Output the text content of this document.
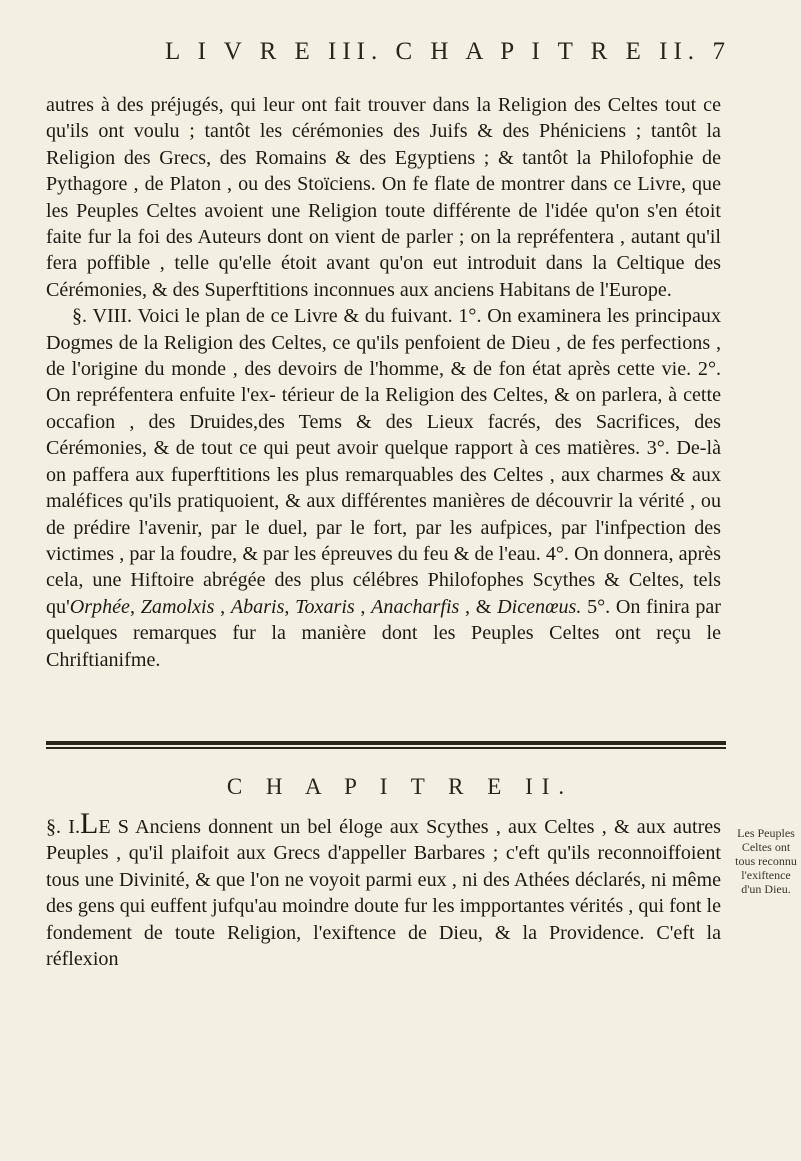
L I V R E III. C H A P I T R E II. 7

autres à des préjugés, qui leur ont fait trouver dans la Religion des Celtes tout ce qu'ils ont voulu ; tantôt les cérémonies des Juifs & des Phéniciens ; tantôt la Religion des Grecs, des Romains & des Egyptiens ; & tantôt la Philofophie de Pythagore , de Platon , ou des Stoïciens. On fe flate de montrer dans ce Livre, que les Peuples Celtes avoient une Religion toute différente de l'idée qu'on s'en étoit faite fur la foi des Auteurs dont on vient de parler ; on la repréfentera , autant qu'il fera poffible , telle qu'elle étoit avant qu'on eut introduit dans la Celtique des Cérémonies, & des Superftitions inconnues aux anciens Habitans de l'Europe.

§. VIII. Voici le plan de ce Livre & du fuivant. 1°. On examinera les principaux Dogmes de la Religion des Celtes, ce qu'ils penfoient de Dieu , de fes perfections , de l'origine du monde , des devoirs de l'homme, & de fon état après cette vie. 2°. On repréfentera enfuite l'ex- térieur de la Religion des Celtes, & on parlera, à cette occafion , des Druides,des Tems & des Lieux facrés, des Sacrifices, des Cérémonies, & de tout ce qui peut avoir quelque rapport à ces matières. 3°. De-là on paffera aux fuperftitions les plus remarquables des Celtes , aux charmes & aux maléfices qu'ils pratiquoient, & aux différentes manières de découvrir la vérité , ou de prédire l'avenir, par le duel, par le fort, par les aufpices, par l'infpection des victimes , par la foudre, & par les épreuves du feu & de l'eau. 4°. On donnera, après cela, une Hiftoire abrégée des plus célébres Philofophes Scythes & Celtes, tels qu'Orphée, Zamolxis , Abaris, Toxaris , Anacharfis , & Dicenœus. 5°. On finira par quelques remarques fur la manière dont les Peuples Celtes ont reçu le Chriftianifme.

C H A P I T R E II.

§. I.LE S Anciens donnent un bel éloge aux Scythes , aux Celtes , & aux autres Peuples , qu'il plaifoit aux Grecs d'appeller Barbares ; c'eft qu'ils reconnoiffoient tous une Divinité, & que l'on ne voyoit parmi eux , ni des Athées déclarés, ni même des gens qui euffent jufqu'au moindre doute fur les impportantes vérités , qui font le fondement de toute Religion, l'exiftence de Dieu, & la Providence. C'eft la réflexion

Les Peuples
Celtes ont
tous reconnu
l'exiftence
d'un Dieu.
